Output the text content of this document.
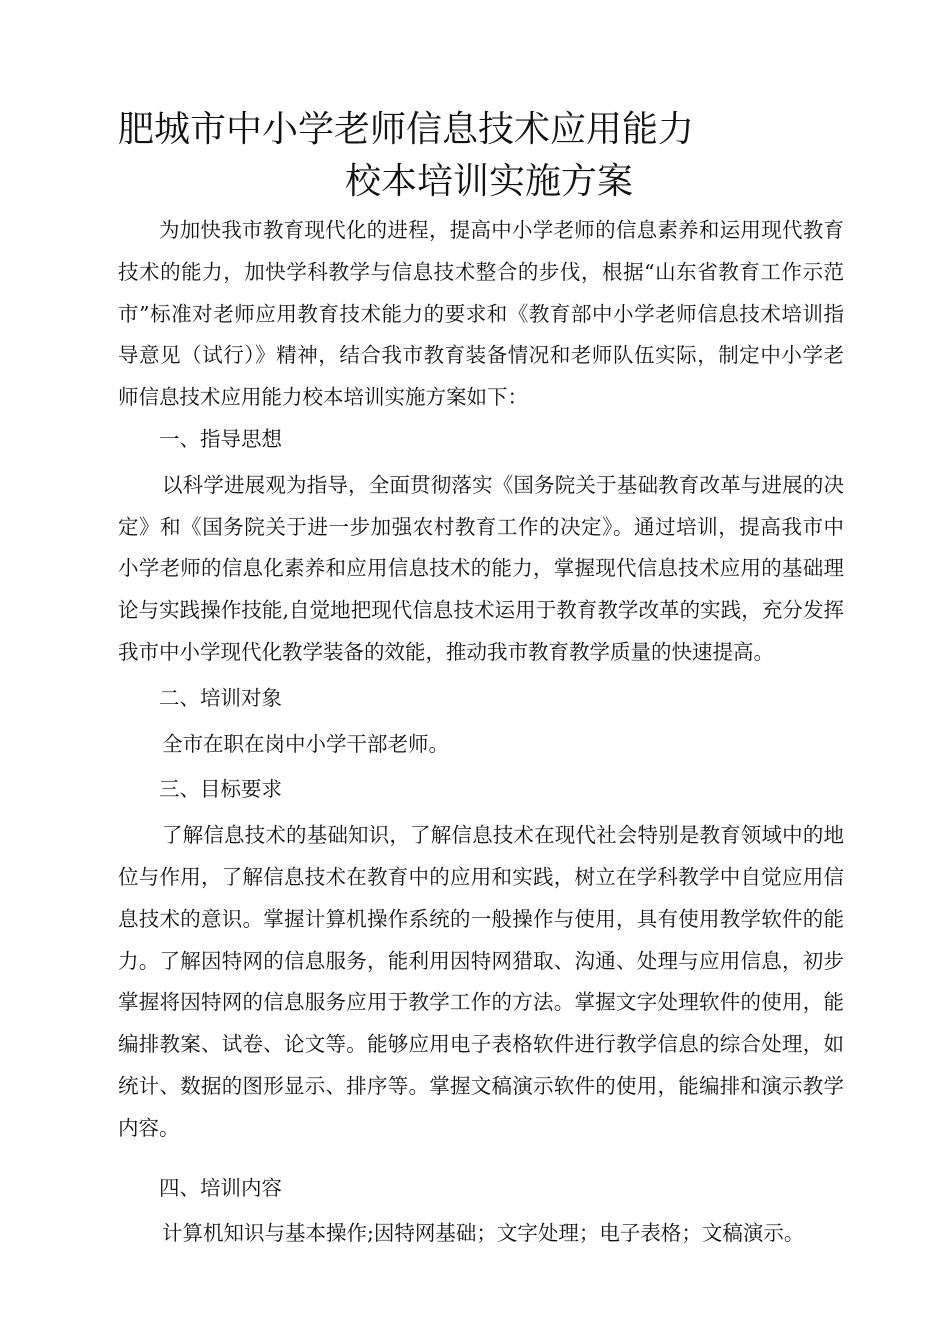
肥城市中小学老师信息技术应用能力
校本培训实施方案

为加快我市教育现代化的进程，提高中小学老师的信息素养和运用现代教育技术的能力，加快学科教学与信息技术整合的步伐，根据“山东省教育工作示范市”标准对老师应用教育技术能力的要求和《教育部中小学老师信息技术培训指导意见（试行）》精神，结合我市教育装备情况和老师队伍实际，制定中小学老师信息技术应用能力校本培训实施方案如下：

一、指导思想

以科学进展观为指导，全面贯彻落实《国务院关于基础教育改革与进展的决定》和《国务院关于进一步加强农村教育工作的决定》。通过培训，提高我市中小学老师的信息化素养和应用信息技术的能力，掌握现代信息技术应用的基础理论与实践操作技能,自觉地把现代信息技术运用于教育教学改革的实践，充分发挥我市中小学现代化教学装备的效能，推动我市教育教学质量的快速提高。

二、培训对象

全市在职在岗中小学干部老师。

三、目标要求

了解信息技术的基础知识，了解信息技术在现代社会特别是教育领域中的地位与作用，了解信息技术在教育中的应用和实践，树立在学科教学中自觉应用信息技术的意识。掌握计算机操作系统的一般操作与使用，具有使用教学软件的能力。了解因特网的信息服务，能利用因特网猎取、沟通、处理与应用信息，初步掌握将因特网的信息服务应用于教学工作的方法。掌握文字处理软件的使用，能编排教案、试卷、论文等。能够应用电子表格软件进行教学信息的综合处理，如统计、数据的图形显示、排序等。掌握文稿演示软件的使用，能编排和演示教学内容。

四、培训内容

计算机知识与基本操作;因特网基础；文字处理；电子表格；文稿演示。
